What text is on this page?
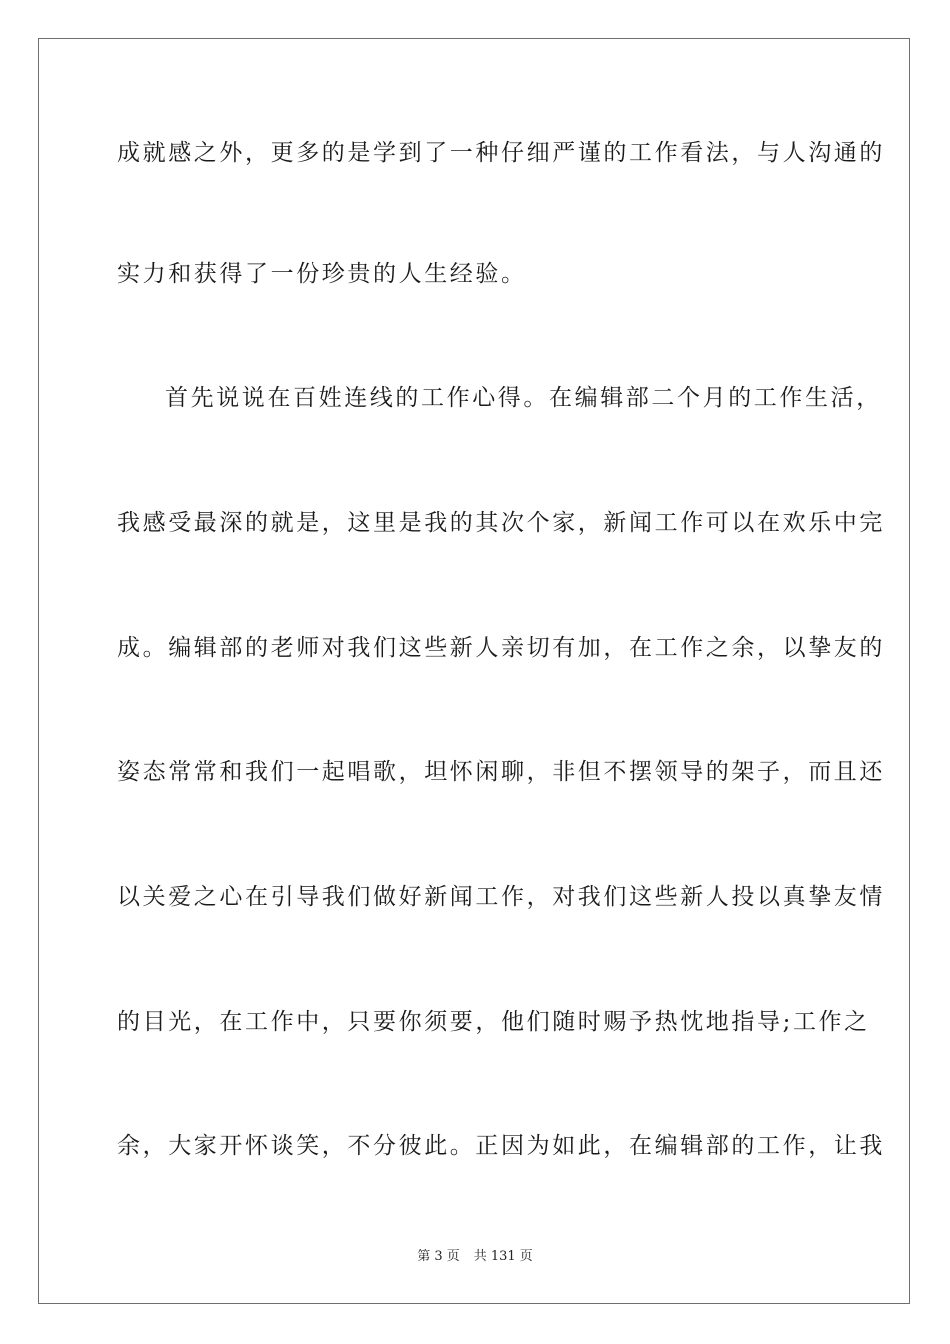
成就感之外，更多的是学到了一种仔细严谨的工作看法，与人沟通的
实力和获得了一份珍贵的人生经验。
首先说说在百姓连线的工作心得。在编辑部二个月的工作生活，
我感受最深的就是，这里是我的其次个家，新闻工作可以在欢乐中完
成。编辑部的老师对我们这些新人亲切有加，在工作之余，以挚友的
姿态常常和我们一起唱歌，坦怀闲聊，非但不摆领导的架子，而且还
以关爱之心在引导我们做好新闻工作，对我们这些新人投以真挚友情
的目光，在工作中，只要你须要，他们随时赐予热忱地指导;工作之
余，大家开怀谈笑，不分彼此。正因为如此，在编辑部的工作，让我
第 3 页 共 131 页
